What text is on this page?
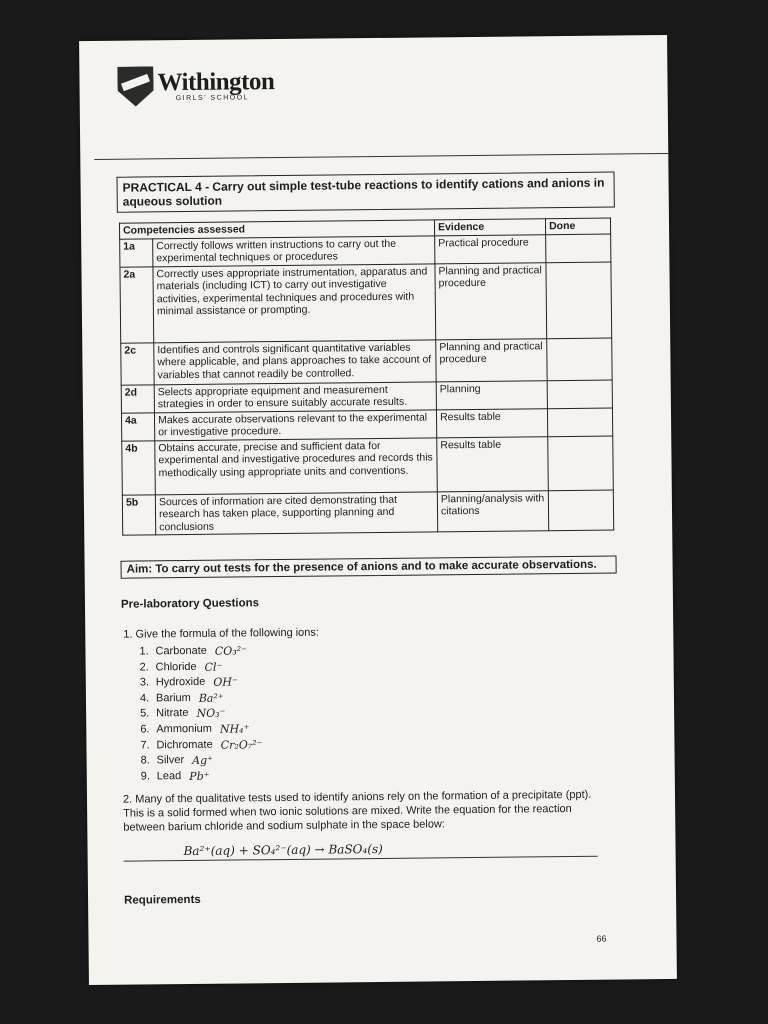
Withington
GIRLS' SCHOOL
PRACTICAL 4 - Carry out simple test-tube reactions to identify cations and anions in aqueous solution
Competencies assessed		Evidence	Done
1a	Correctly follows written instructions to carry out the experimental techniques or procedures	Practical procedure	
2a	Correctly uses appropriate instrumentation, apparatus and materials (including ICT) to carry out investigative activities, experimental techniques and procedures with minimal assistance or prompting.	Planning and practical procedure	
2c	Identifies and controls significant quantitative variables where applicable, and plans approaches to take account of variables that cannot readily be controlled.	Planning and practical procedure	
2d	Selects appropriate equipment and measurement strategies in order to ensure suitably accurate results.	Planning	
4a	Makes accurate observations relevant to the experimental or investigative procedure.	Results table	
4b	Obtains accurate, precise and sufficient data for experimental and investigative procedures and records this methodically using appropriate units and conventions.	Results table	
5b	Sources of information are cited demonstrating that research has taken place, supporting planning and conclusions	Planning/analysis with citations	
Aim: To carry out tests for the presence of anions and to make accurate observations.
Pre-laboratory Questions
1. Give the formula of the following ions:
1. Carbonate CO₃²⁻
2. Chloride Cl⁻
3. Hydroxide OH⁻
4. Barium Ba²⁺
5. Nitrate NO₃⁻
6. Ammonium NH₄⁺
7. Dichromate Cr₂O₇²⁻
8. Silver Ag⁺
9. Lead Pb⁺
2. Many of the qualitative tests used to identify anions rely on the formation of a precipitate (ppt). This is a solid formed when two ionic solutions are mixed. Write the equation for the reaction between barium chloride and sodium sulphate in the space below:
Ba²⁺(aq) + SO₄²⁻(aq) → BaSO₄(s)
Requirements
66
